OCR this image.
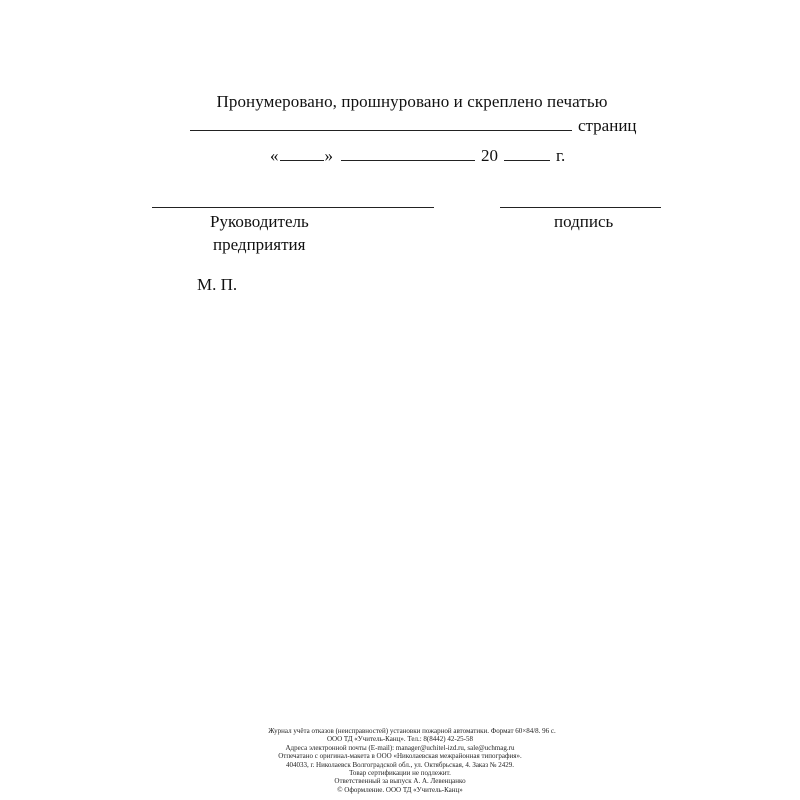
Пронумеровано, прошнуровано и скреплено печатью
страниц
«	»	20	г.
Руководитель
предприятия
подпись
М. П.
Журнал учёта отказов (неисправностей) установки пожарной автоматики. Формат 60×84/8. 96 с.
ООО ТД «Учитель-Канц». Тел.: 8(8442) 42-25-58
Адреса электронной почты (E-mail): manager@uchitel-izd.ru, sale@uchmag.ru
Отпечатано с оригинал-макета в ООО «Николаевская межрайонная типография».
404033, г. Николаевск Волгоградской обл., ул. Октябрьская, 4. Заказ № 2429.
Товар сертификации не подлежит.
Ответственный за выпуск А. А. Левенцанко
© Оформление. ООО ТД «Учитель-Канц»
